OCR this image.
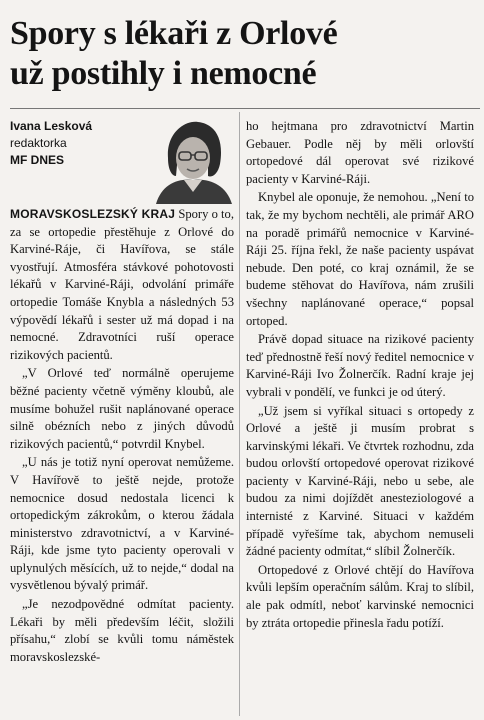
Spory s lékaři z Orlové
už postihly i nemocné
Ivana Lesková
redaktorka
MF DNES

MORAVSKOSLEZSKÝ KRAJ Spory o to, za se ortopedie přestěhuje z Orlové do Karviné-Ráje, či Havířova, se stále vyostřují. Atmosféra stávkové pohotovosti lékařů v Karviné-Ráji, odvolání primáře ortopedie Tomáše Knybla a následných 53 výpovědí lékařů i sester už má dopad i na nemocné. Zdravotníci ruší operace rizikových pacientů.

„V Orlové teď normálně operujeme běžné pacienty včetně výměny kloubů, ale musíme bohužel rušit naplánované operace silně obézních nebo z jiných důvodů rizikových pacientů,“ potvrdil Knybel.

„U nás je totiž nyní operovat nemůžeme. V Havířově to ještě nejde, protože nemocnice dosud nedostala licenci k ortopedickým zákrokům, o kterou žádala ministerstvo zdravotnictví, a v Karviné-Ráji, kde jsme tyto pacienty operovali v uplynulých měsících, už to nejde,“ dodal na vysvětlenou bývalý primář.

„Je nezodpovědné odmítat pacienty. Lékaři by měli především léčit, složili přísahu,“ zlobí se kvůli tomu náměstek moravskoslezské-

ho hejtmana pro zdravotnictví Martin Gebauer. Podle něj by měli orlovští ortopedové dál operovat své rizikové pacienty v Karviné-Ráji.

Knybel ale oponuje, že nemohou. „Není to tak, že my bychom nechtěli, ale primář ARO na poradě primářů nemocnice v Karviné-Ráji 25. října řekl, že naše pacienty uspávat nebude. Den poté, co kraj oznámil, že se budeme stěhovat do Havířova, nám zrušili všechny naplánované operace,“ popsal ortoped.

Právě dopad situace na rizikové pacienty teď přednostně řeší nový ředitel nemocnice v Karviné-Ráji Ivo Žolnerčík. Radní kraje jej vybrali v pondělí, ve funkci je od úterý.

„Už jsem si vyříkal situaci s ortopedy z Orlové a ještě ji musím probrat s karvinskými lékaři. Ve čtvrtek rozhodnu, zda budou orlovští ortopedové operovat rizikové pacienty v Karviné-Ráji, nebo u sebe, ale budou za nimi dojíždět anesteziologové a internisté z Karviné. Situaci v každém případě vyřešíme tak, abychom nemuseli žádné pacienty odmítat,“ slíbil Žolnerčík.

Ortopedové z Orlové chtějí do Havířova kvůli lepším operačním sálům. Kraj to slíbil, ale pak odmítl, neboť karvinské nemocnici by ztráta ortopedie přinesla řadu potíží.
